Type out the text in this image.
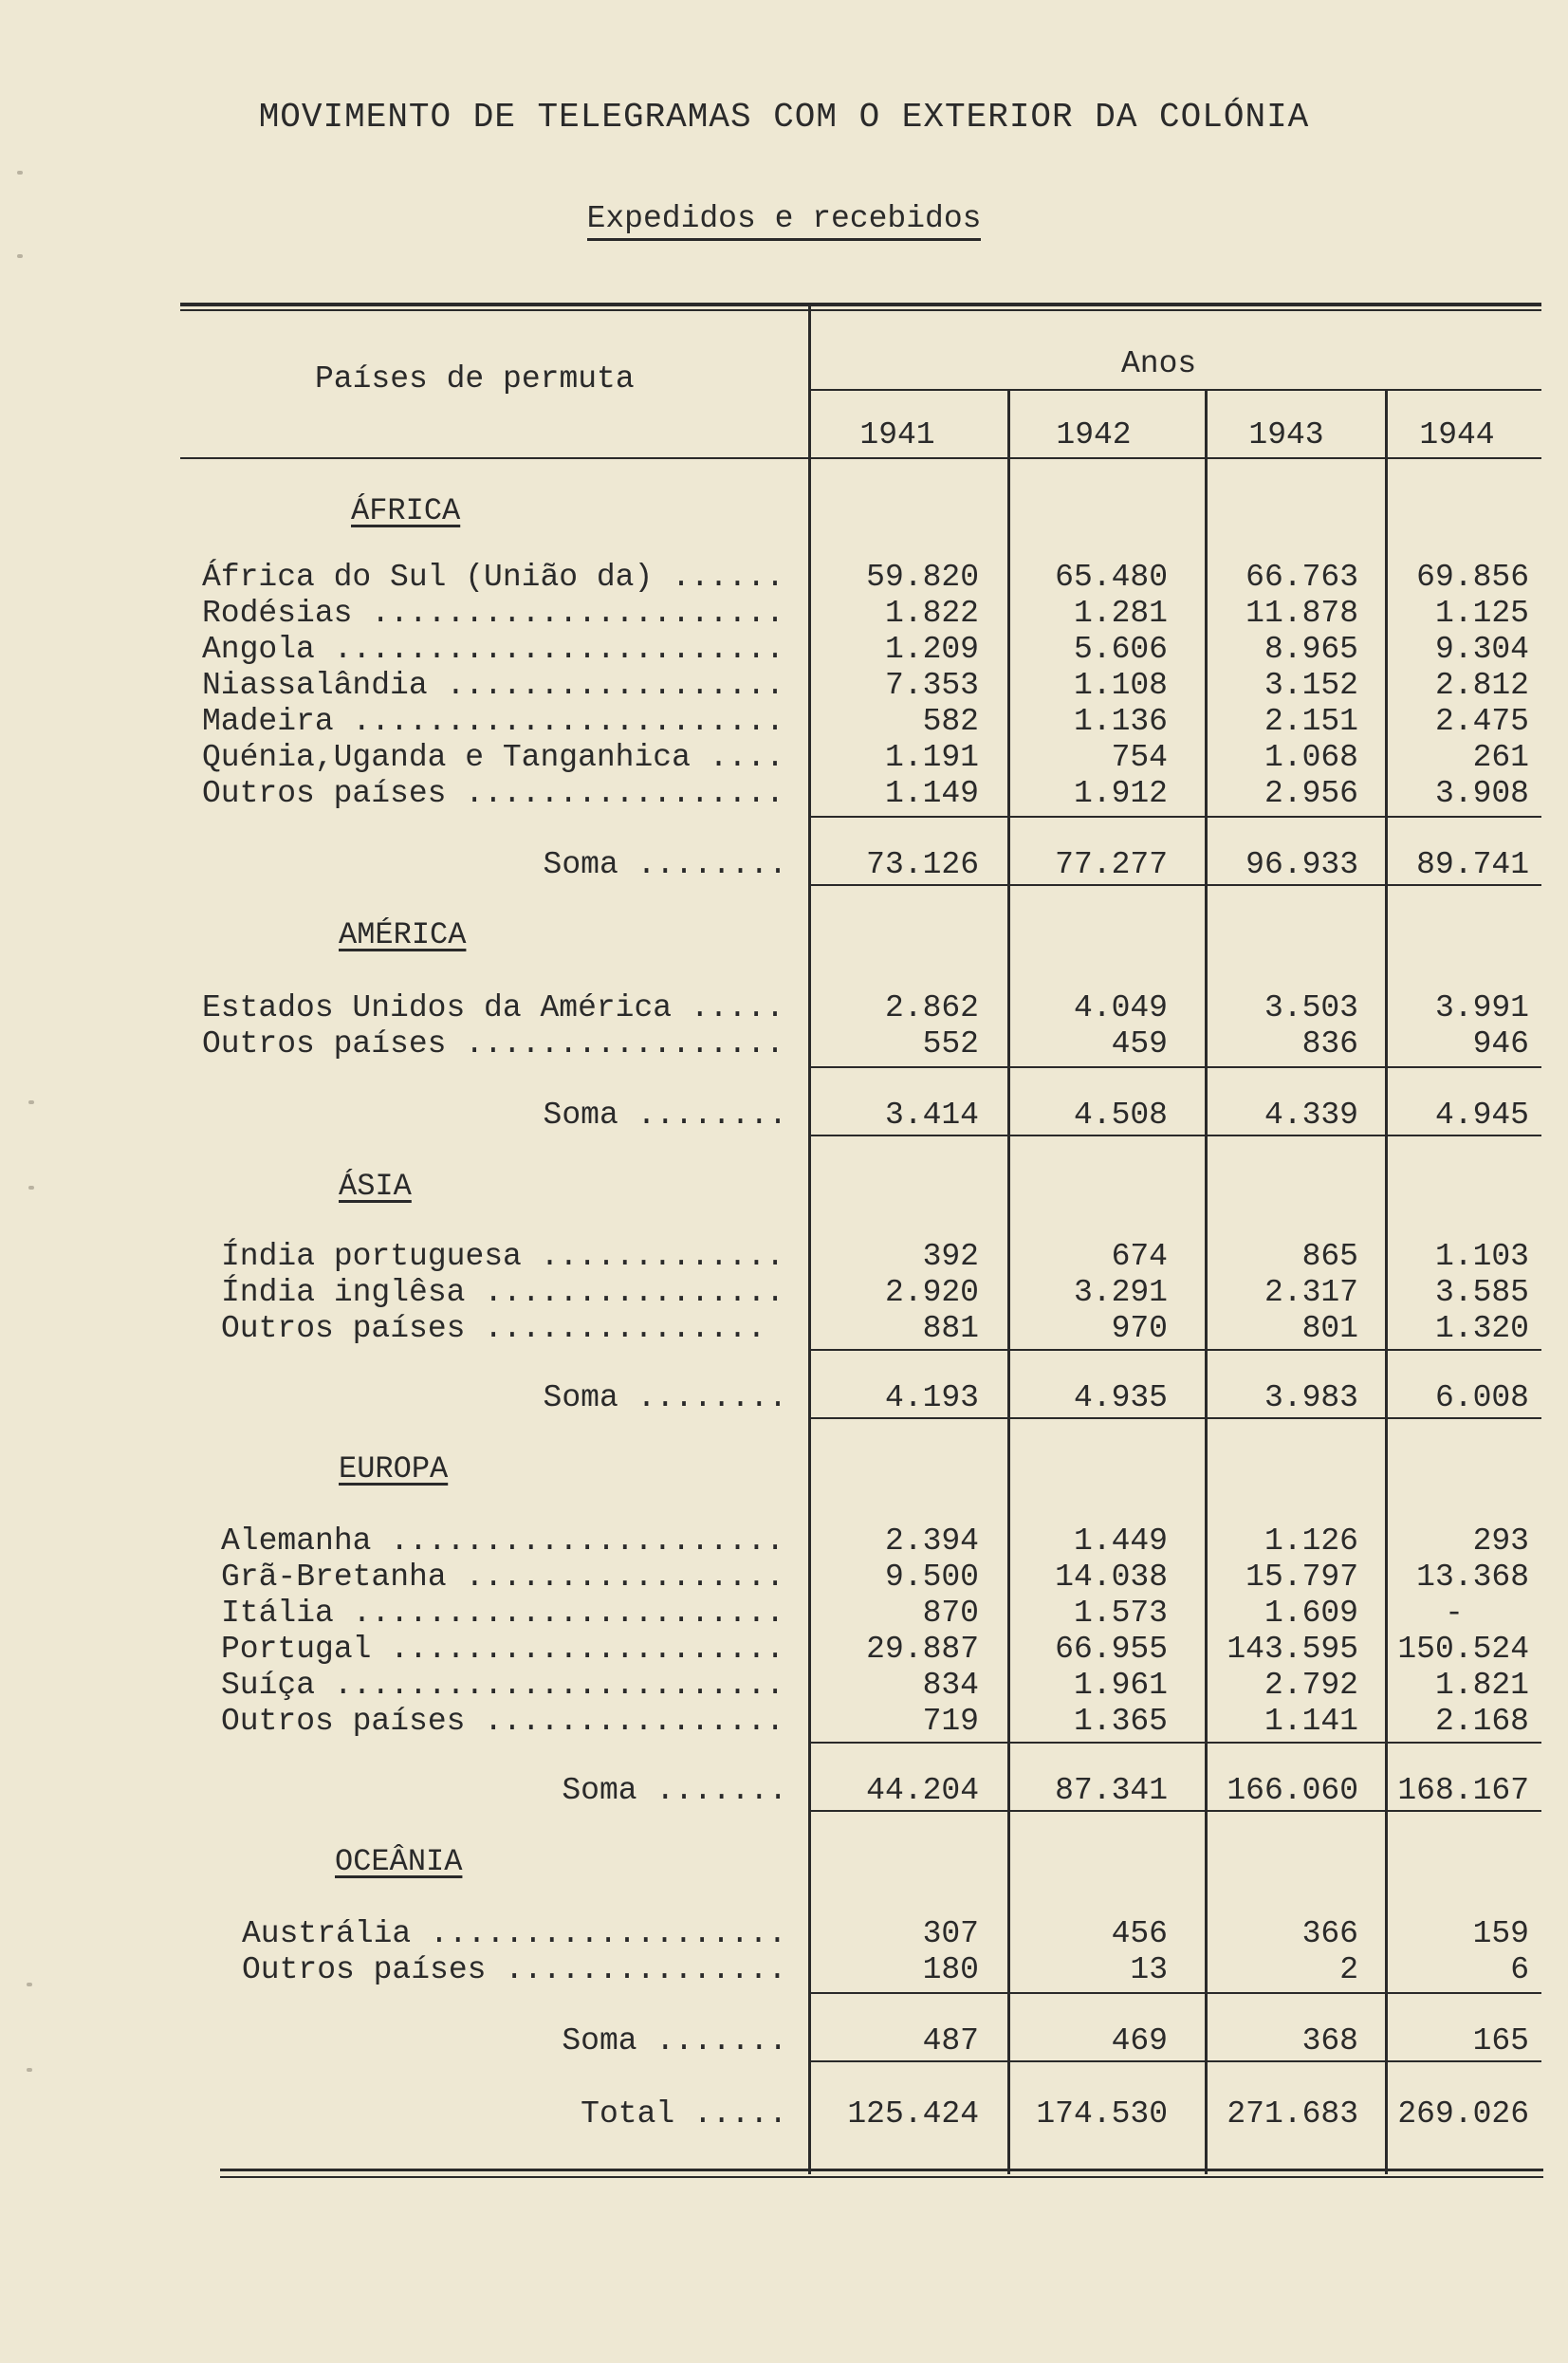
MOVIMENTO DE TELEGRAMAS COM O EXTERIOR DA COLÓNIA
Expedidos e recebidos
Países de permuta	Anos
1941	1942	1943	1944
ÁFRICA
África do Sul (União da) ......	59.820	65.480	66.763	69.856
Rodésias ......................	1.822	1.281	11.878	1.125
Angola ........................	1.209	5.606	8.965	9.304
Niassalândia ..................	7.353	1.108	3.152	2.812
Madeira .......................	582	1.136	2.151	2.475
Quénia,Uganda e Tanganhica ....	1.191	754	1.068	261
Outros países .................	1.149	1.912	2.956	3.908
Soma ........	73.126	77.277	96.933	89.741
AMÉRICA
Estados Unidos da América .....	2.862	4.049	3.503	3.991
Outros países .................	552	459	836	946
Soma ........	3.414	4.508	4.339	4.945
ÁSIA
Índia portuguesa .............	392	674	865	1.103
Índia inglêsa ................	2.920	3.291	2.317	3.585
Outros países ...............	881	970	801	1.320
Soma ........	4.193	4.935	3.983	6.008
EUROPA
Alemanha .....................	2.394	1.449	1.126	293
Grã-Bretanha .................	9.500	14.038	15.797	13.368
Itália .......................	870	1.573	1.609	-
Portugal .....................	29.887	66.955	143.595	150.524
Suíça ........................	834	1.961	2.792	1.821
Outros países ................	719	1.365	1.141	2.168
Soma .......	44.204	87.341	166.060	168.167
OCEÂNIA
Austrália ...................	307	456	366	159
Outros países ...............	180	13	2	6
Soma .......	487	469	368	165
Total .....	125.424	174.530	271.683	269.026
